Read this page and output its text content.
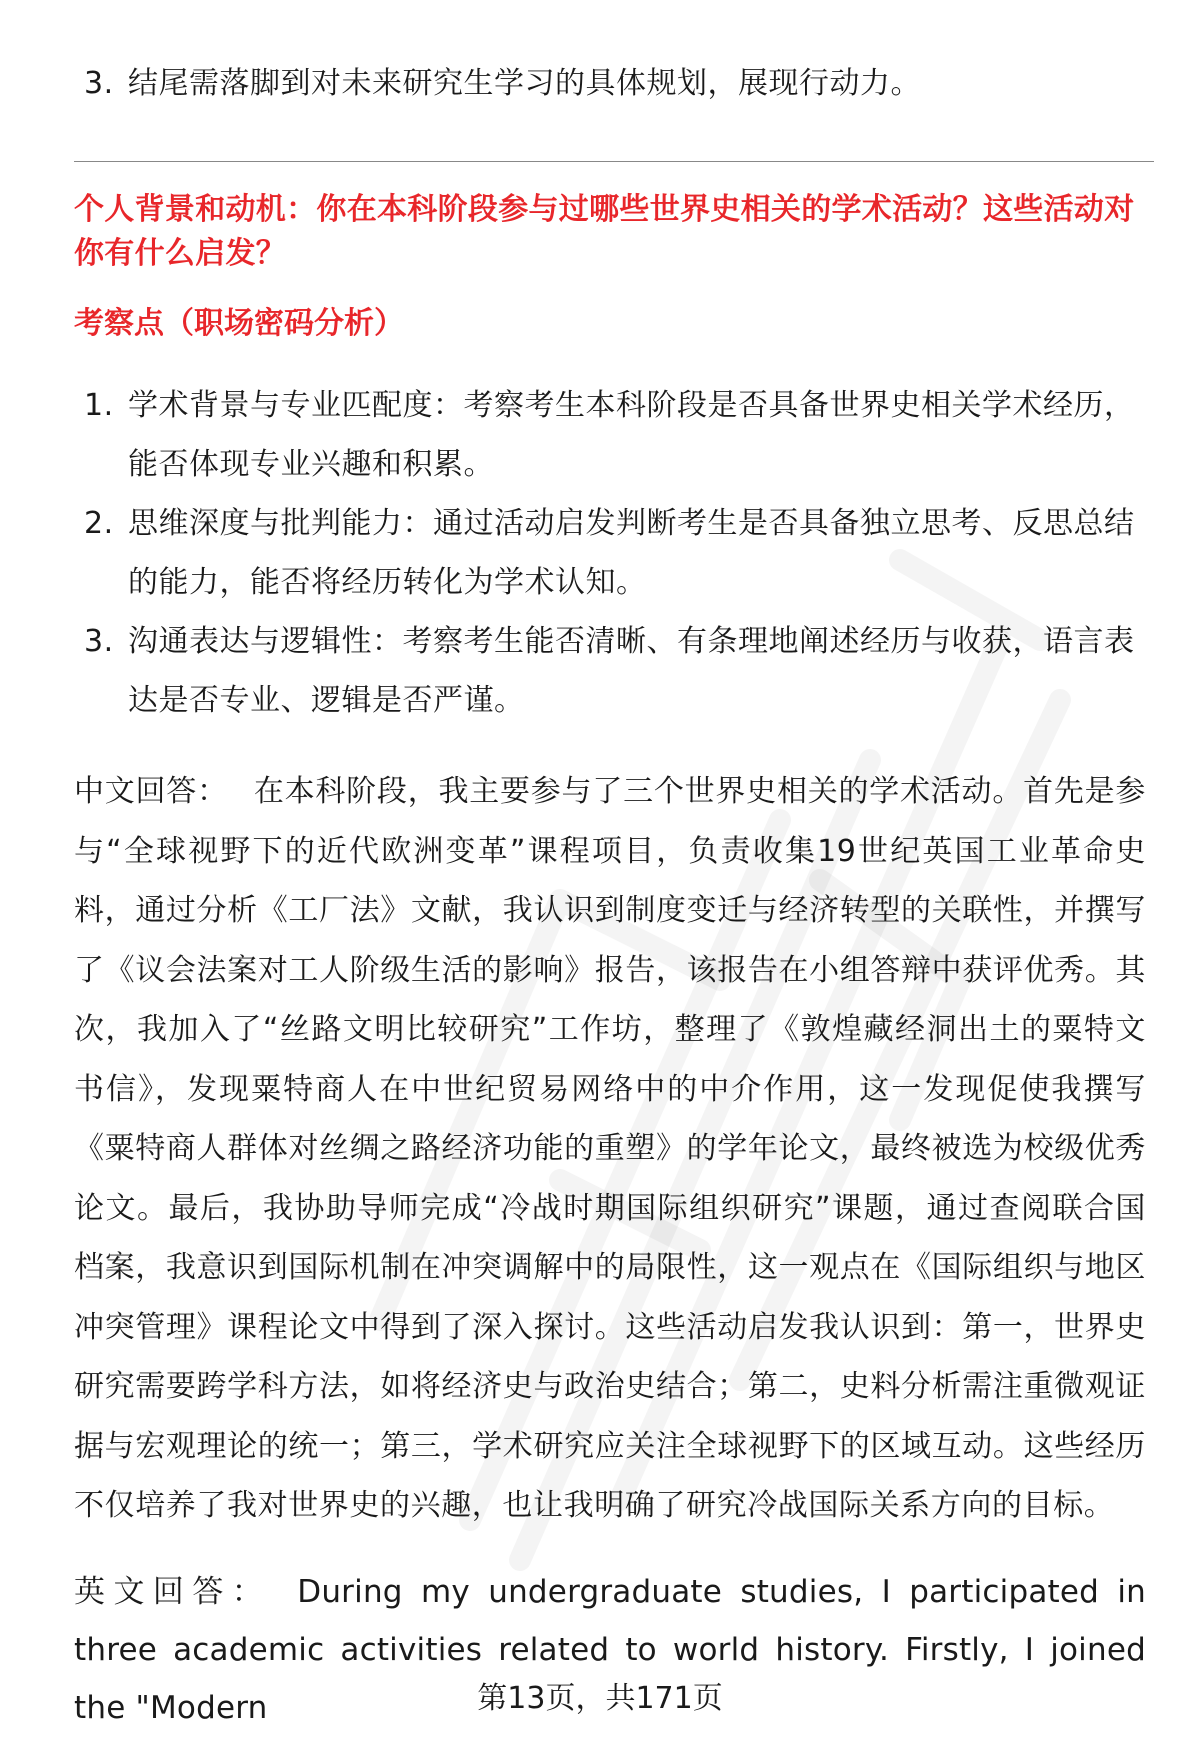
3. 结尾需落脚到对未来研究生学习的具体规划，展现行动力。
个人背景和动机：你在本科阶段参与过哪些世界史相关的学术活动？这些活动对你有什么启发？
考察点（职场密码分析）
1. 学术背景与专业匹配度：考察考生本科阶段是否具备世界史相关学术经历，能否体现专业兴趣和积累。
2. 思维深度与批判能力：通过活动启发判断考生是否具备独立思考、反思总结的能力，能否将经历转化为学术认知。
3. 沟通表达与逻辑性：考察考生能否清晰、有条理地阐述经历与收获，语言表达是否专业、逻辑是否严谨。
中文回答： 在本科阶段，我主要参与了三个世界史相关的学术活动。首先是参与“全球视野下的近代欧洲变革”课程项目，负责收集19世纪英国工业革命史料，通过分析《工厂法》文献，我认识到制度变迁与经济转型的关联性，并撰写了《议会法案对工人阶级生活的影响》报告，该报告在小组答辩中获评优秀。其次，我加入了“丝路文明比较研究”工作坊，整理了《敦煌藏经洞出土的粟特文书信》，发现粟特商人在中世纪贸易网络中的中介作用，这一发现促使我撰写《粟特商人群体对丝绸之路经济功能的重塑》的学年论文，最终被选为校级优秀论文。最后，我协助导师完成“冷战时期国际组织研究”课题，通过查阅联合国档案，我意识到国际机制在冲突调解中的局限性，这一观点在《国际组织与地区冲突管理》课程论文中得到了深入探讨。这些活动启发我认识到：第一，世界史研究需要跨学科方法，如将经济史与政治史结合；第二，史料分析需注重微观证据与宏观理论的统一；第三，学术研究应关注全球视野下的区域互动。这些经历不仅培养了我对世界史的兴趣，也让我明确了研究冷战国际关系方向的目标。
英文回答： During my undergraduate studies, I participated in three academic activities related to world history. Firstly, I joined the "Modern	第13页，共171页
